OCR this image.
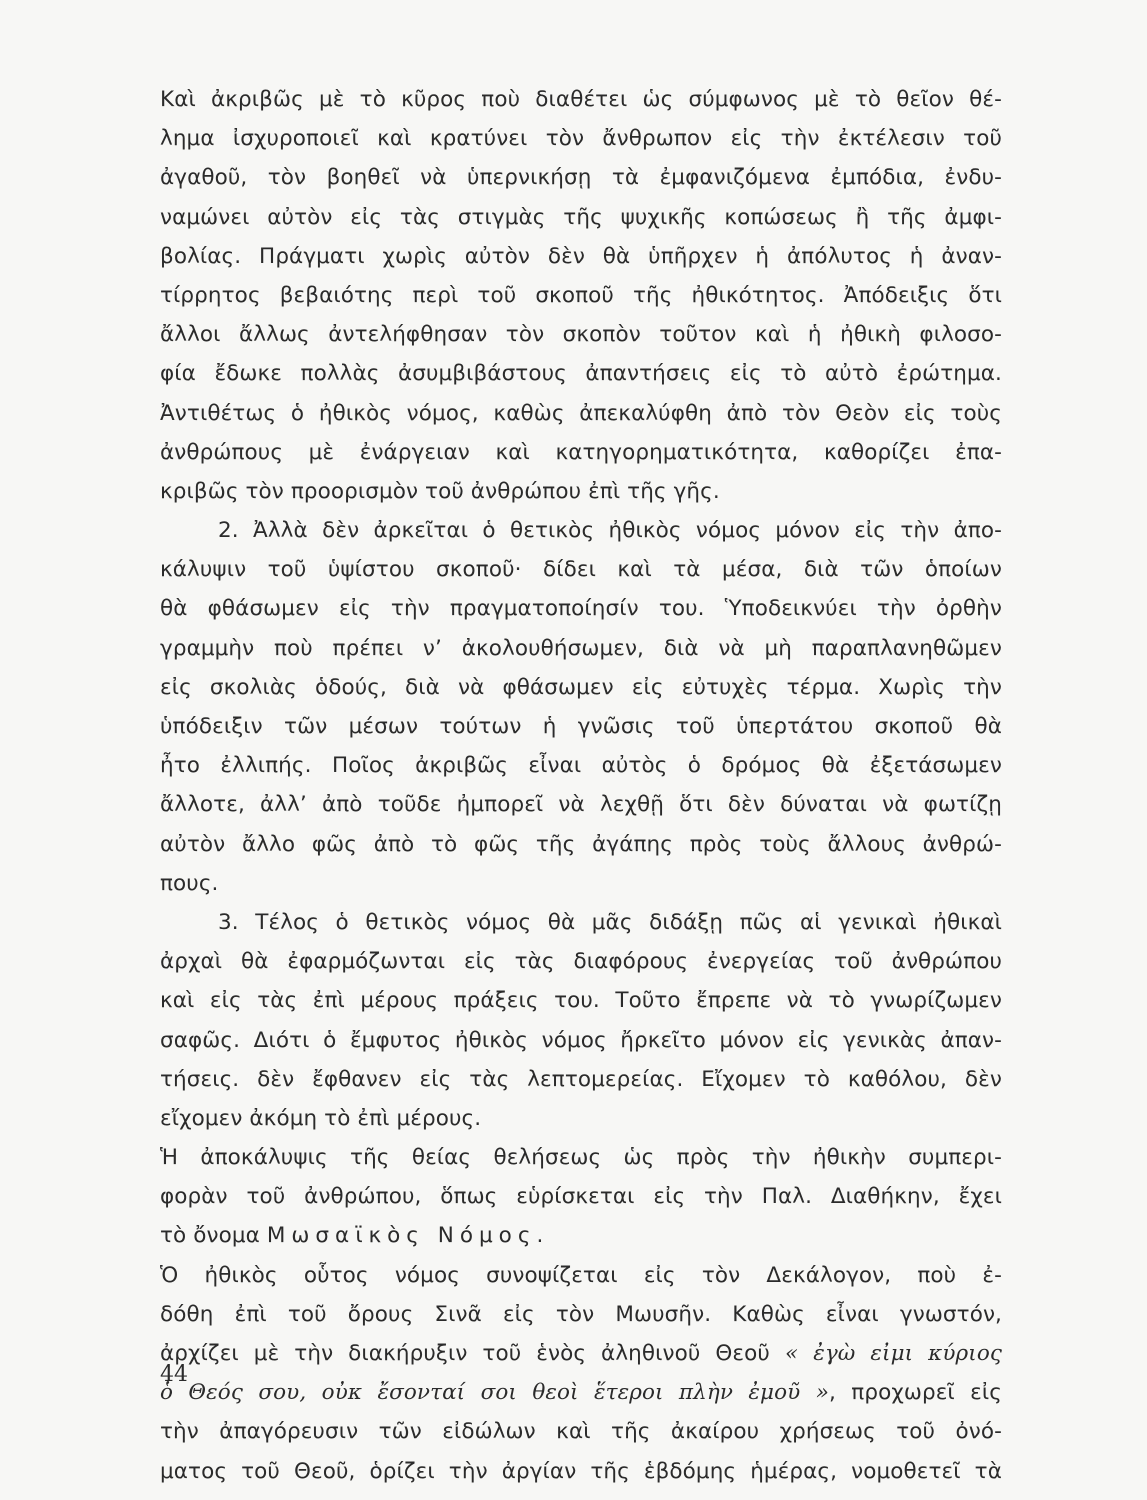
Καὶ ἀκριβῶς μὲ τὸ κῦρος ποὺ διαθέτει ὡς σύμφωνος μὲ τὸ θεῖον θέ-
λημα ἰσχυροποιεῖ καὶ κρατύνει τὸν ἄνθρωπον εἰς τὴν ἐκτέλεσιν τοῦ
ἀγαθοῦ, τὸν βοηθεῖ νὰ ὑπερνικήσῃ τὰ ἐμφανιζόμενα ἐμπόδια, ἐνδυ-
ναμώνει αὐτὸν εἰς τὰς στιγμὰς τῆς ψυχικῆς κοπώσεως ἢ τῆς ἀμφι-
βολίας. Πράγματι χωρὶς αὐτὸν δὲν θὰ ὑπῆρχεν ἡ ἀπόλυτος ἡ ἀναν-
τίρρητος βεβαιότης περὶ τοῦ σκοποῦ τῆς ἠθικότητος. Ἀπόδειξις ὅτι
ἄλλοι ἄλλως ἀντελήφθησαν τὸν σκοπὸν τοῦτον καὶ ἡ ἠθικὴ φιλοσο-
φία ἔδωκε πολλὰς ἀσυμβιβάστους ἀπαντήσεις εἰς τὸ αὐτὸ ἐρώτημα.
Ἀντιθέτως ὁ ἠθικὸς νόμος, καθὼς ἀπεκαλύφθη ἀπὸ τὸν Θεὸν εἰς τοὺς
ἀνθρώπους μὲ ἐνάργειαν καὶ κατηγορηματικότητα, καθορίζει ἐπα-
κριβῶς τὸν προορισμὸν τοῦ ἀνθρώπου ἐπὶ τῆς γῆς.
2. Ἀλλὰ δὲν ἀρκεῖται ὁ θετικὸς ἠθικὸς νόμος μόνον εἰς τὴν ἀπο-
κάλυψιν τοῦ ὑψίστου σκοποῦ· δίδει καὶ τὰ μέσα, διὰ τῶν ὁποίων
θὰ φθάσωμεν εἰς τὴν πραγματοποίησίν του. Ὑποδεικνύει τὴν ὀρθὴν
γραμμὴν ποὺ πρέπει ν’ ἀκολουθήσωμεν, διὰ νὰ μὴ παραπλανηθῶμεν
εἰς σκολιὰς ὁδούς, διὰ νὰ φθάσωμεν εἰς εὐτυχὲς τέρμα. Χωρὶς τὴν
ὑπόδειξιν τῶν μέσων τούτων ἡ γνῶσις τοῦ ὑπερτάτου σκοποῦ θὰ
ἦτο ἐλλιπής. Ποῖος ἀκριβῶς εἶναι αὐτὸς ὁ δρόμος θὰ ἐξετάσωμεν
ἄλλοτε, ἀλλ’ ἀπὸ τοῦδε ἠμπορεῖ νὰ λεχθῇ ὅτι δὲν δύναται νὰ φωτίζῃ
αὐτὸν ἄλλο φῶς ἀπὸ τὸ φῶς τῆς ἀγάπης πρὸς τοὺς ἄλλους ἀνθρώ-
πους.
3. Τέλος ὁ θετικὸς νόμος θὰ μᾶς διδάξῃ πῶς αἱ γενικαὶ ἠθικαὶ
ἀρχαὶ θὰ ἐφαρμόζωνται εἰς τὰς διαφόρους ἐνεργείας τοῦ ἀνθρώπου
καὶ εἰς τὰς ἐπὶ μέρους πράξεις του. Τοῦτο ἔπρεπε νὰ τὸ γνωρίζωμεν
σαφῶς. Διότι ὁ ἔμφυτος ἠθικὸς νόμος ἤρκεῖτο μόνον εἰς γενικὰς ἀπαν-
τήσεις. δὲν ἔφθανεν εἰς τὰς λεπτομερείας. Εἴχομεν τὸ καθόλου, δὲν
εἴχομεν ἀκόμη τὸ ἐπὶ μέρους.
Ἡ ἀποκάλυψις τῆς θείας θελήσεως ὡς πρὸς τὴν ἠθικὴν συμπερι-
φορὰν τοῦ ἀνθρώπου, ὅπως εὑρίσκεται εἰς τὴν Παλ. Διαθήκην, ἔχει
τὸ ὄνομα Μωσαϊκὸς Νόμος.
Ὁ ἠθικὸς οὗτος νόμος συνοψίζεται εἰς τὸν Δεκάλογον, ποὺ ἐ-
δόθη ἐπὶ τοῦ ὄρους Σινᾶ εἰς τὸν Μωυσῆν. Καθὼς εἶναι γνωστόν,
ἀρχίζει μὲ τὴν διακήρυξιν τοῦ ἑνὸς ἀληθινοῦ Θεοῦ « ἐγὼ εἰμι κύριος
ὁ Θεός σου, οὐκ ἔσονταί σοι θεοὶ ἕτεροι πλὴν ἐμοῦ », προχωρεῖ εἰς
τὴν ἀπαγόρευσιν τῶν εἰδώλων καὶ τῆς ἀκαίρου χρήσεως τοῦ ὀνό-
ματος τοῦ Θεοῦ, ὁρίζει τὴν ἀργίαν τῆς ἑβδόμης ἡμέρας, νομοθετεῖ τὰ
44
